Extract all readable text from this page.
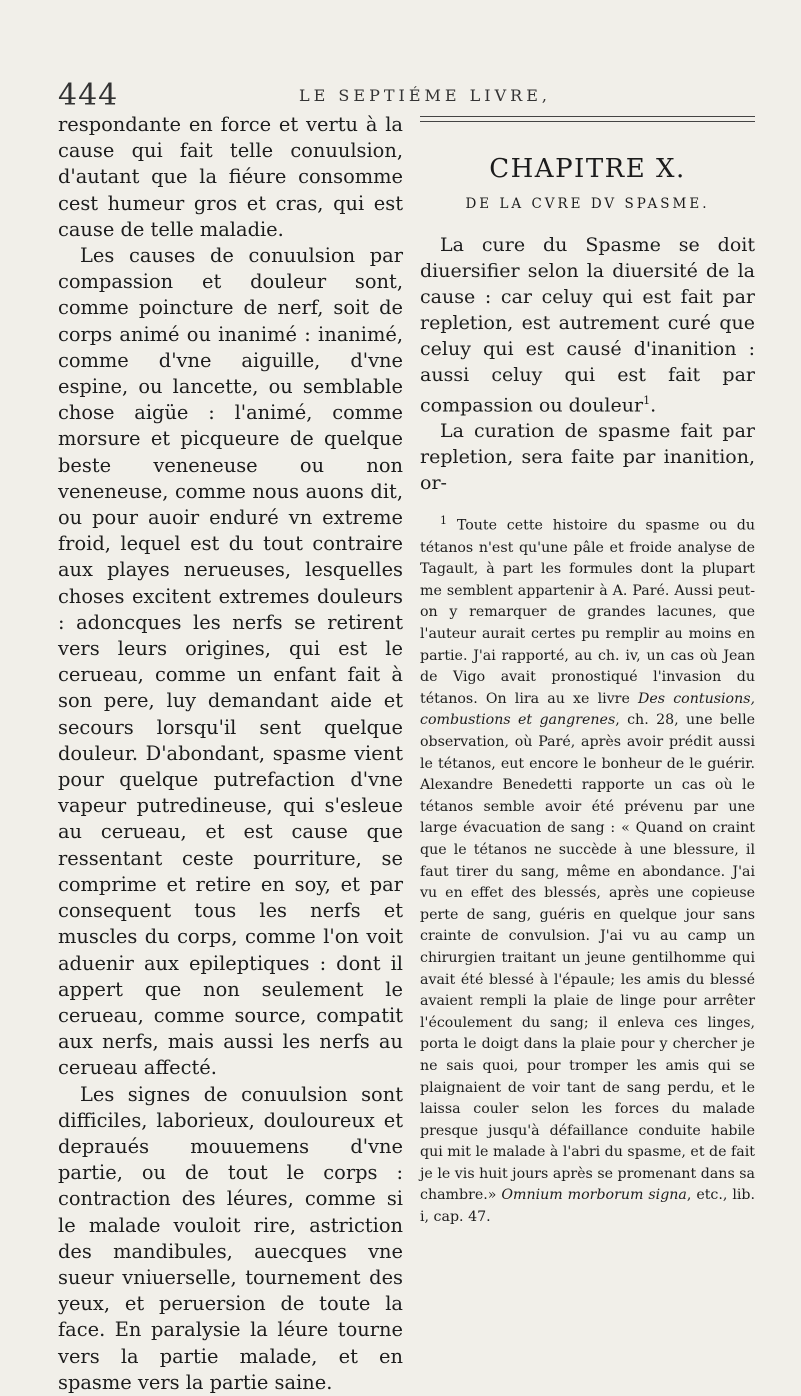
444	LE SEPTIÉME LIVRE,

respondante en force et vertu à la cause qui fait telle conuulsion, d'autant que la fiéure consomme cest humeur gros et cras, qui est cause de telle maladie.

Les causes de conuulsion par compassion et douleur sont, comme poincture de nerf, soit de corps animé ou inanimé : inanimé, comme d'vne aiguille, d'vne espine, ou lancette, ou semblable chose aigüe : l'animé, comme morsure et picqueure de quelque beste veneneuse ou non veneneuse, comme nous auons dit, ou pour auoir enduré vn extreme froid, lequel est du tout contraire aux playes nerueuses, lesquelles choses excitent extremes douleurs : adoncques les nerfs se retirent vers leurs origines, qui est le cerueau, comme un enfant fait à son pere, luy demandant aide et secours lorsqu'il sent quelque douleur. D'abondant, spasme vient pour quelque putrefaction d'vne vapeur putredineuse, qui s'esleue au cerueau, et est cause que ressentant ceste pourriture, se comprime et retire en soy, et par consequent tous les nerfs et muscles du corps, comme l'on voit aduenir aux epileptiques : dont il appert que non seulement le cerueau, comme source, compatit aux nerfs, mais aussi les nerfs au cerueau affecté.

Les signes de conuulsion sont difficiles, laborieux, douloureux et depraués mouuemens d'vne partie, ou de tout le corps : contraction des léures, comme si le malade vouloit rire, astriction des mandibules, auecques vne sueur vniuerselle, tournement des yeux, et peruersion de toute la face. En paralysie la léure tourne vers la partie malade, et en spasme vers la partie saine.

CHAPITRE X.
DE LA CVRE DV SPASME.

La cure du Spasme se doit diuersifier selon la diuersité de la cause : car celuy qui est fait par repletion, est autrement curé que celuy qui est causé d'inanition : aussi celuy qui est fait par compassion ou douleur$^1$.

La curation de spasme fait par repletion, sera faite par inanition, or-

$^1$ Toute cette histoire du spasme ou du tétanos n'est qu'une pâle et froide analyse de Tagault, à part les formules dont la plupart me semblent appartenir à A. Paré. Aussi peut-on y remarquer de grandes lacunes, que l'auteur aurait certes pu remplir au moins en partie. J'ai rapporté, au ch. iv, un cas où Jean de Vigo avait pronostiqué l'invasion du tétanos. On lira au xe livre Des contusions, combustions et gangrenes, ch. 28, une belle observation, où Paré, après avoir prédit aussi le tétanos, eut encore le bonheur de le guérir. Alexandre Benedetti rapporte un cas où le tétanos semble avoir été prévenu par une large évacuation de sang : « Quand on craint que le tétanos ne succède à une blessure, il faut tirer du sang, même en abondance. J'ai vu en effet des blessés, après une copieuse perte de sang, guéris en quelque jour sans crainte de convulsion. J'ai vu au camp un chirurgien traitant un jeune gentilhomme qui avait été blessé à l'épaule; les amis du blessé avaient rempli la plaie de linge pour arrêter l'écoulement du sang; il enleva ces linges, porta le doigt dans la plaie pour y chercher je ne sais quoi, pour tromper les amis qui se plaignaient de voir tant de sang perdu, et le laissa couler selon les forces du malade presque jusqu'à défaillance conduite habile qui mit le malade à l'abri du spasme, et de fait je le vis huit jours après se promenant dans sa chambre.» Omnium morborum signa, etc., lib. i, cap. 47.
